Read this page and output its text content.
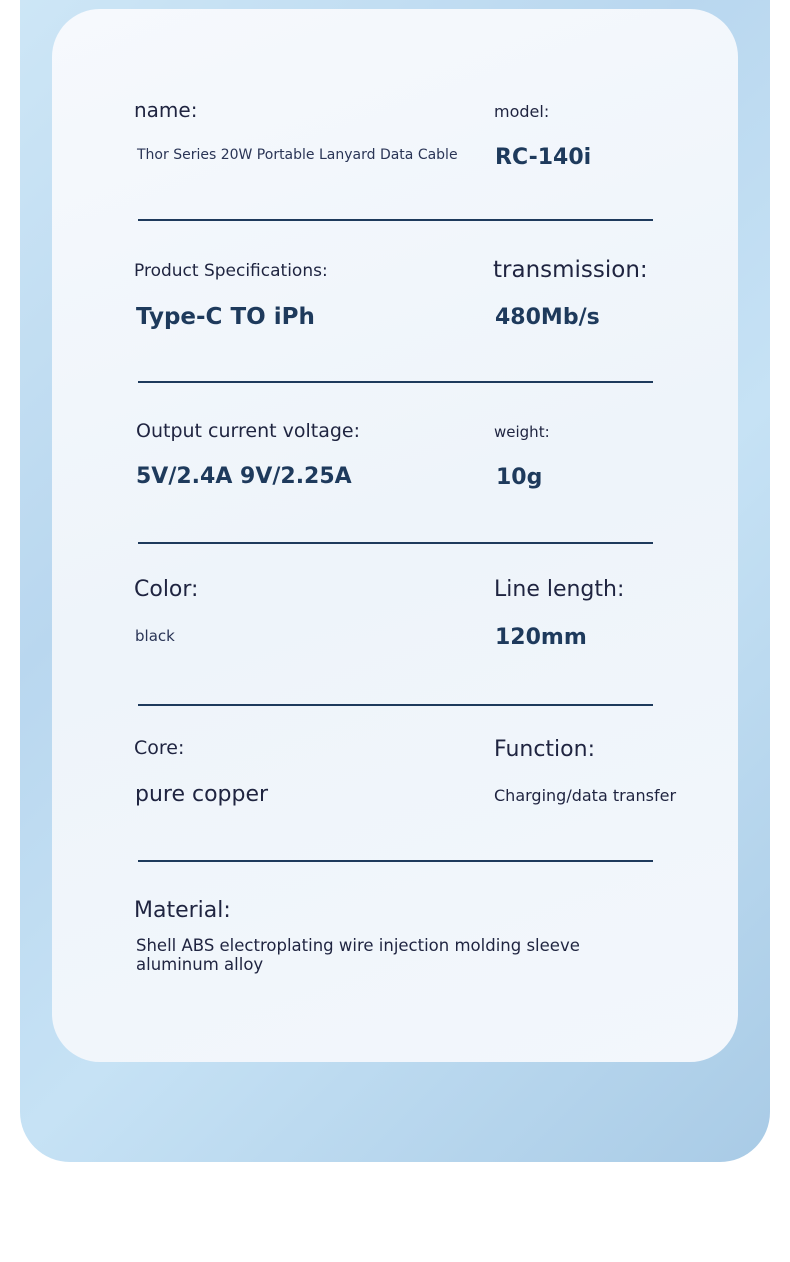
name:
Thor Series 20W Portable Lanyard Data Cable
model:
RC-140i
Product Specifications:
Type-C TO iPh
transmission:
480Mb/s
Output current voltage:
5V/2.4A 9V/2.25A
weight:
10g
Color:
black
Line length:
120mm
Core:
pure copper
Function:
Charging/data transfer
Material:
Shell ABS electroplating wire injection molding sleeve
aluminum alloy
